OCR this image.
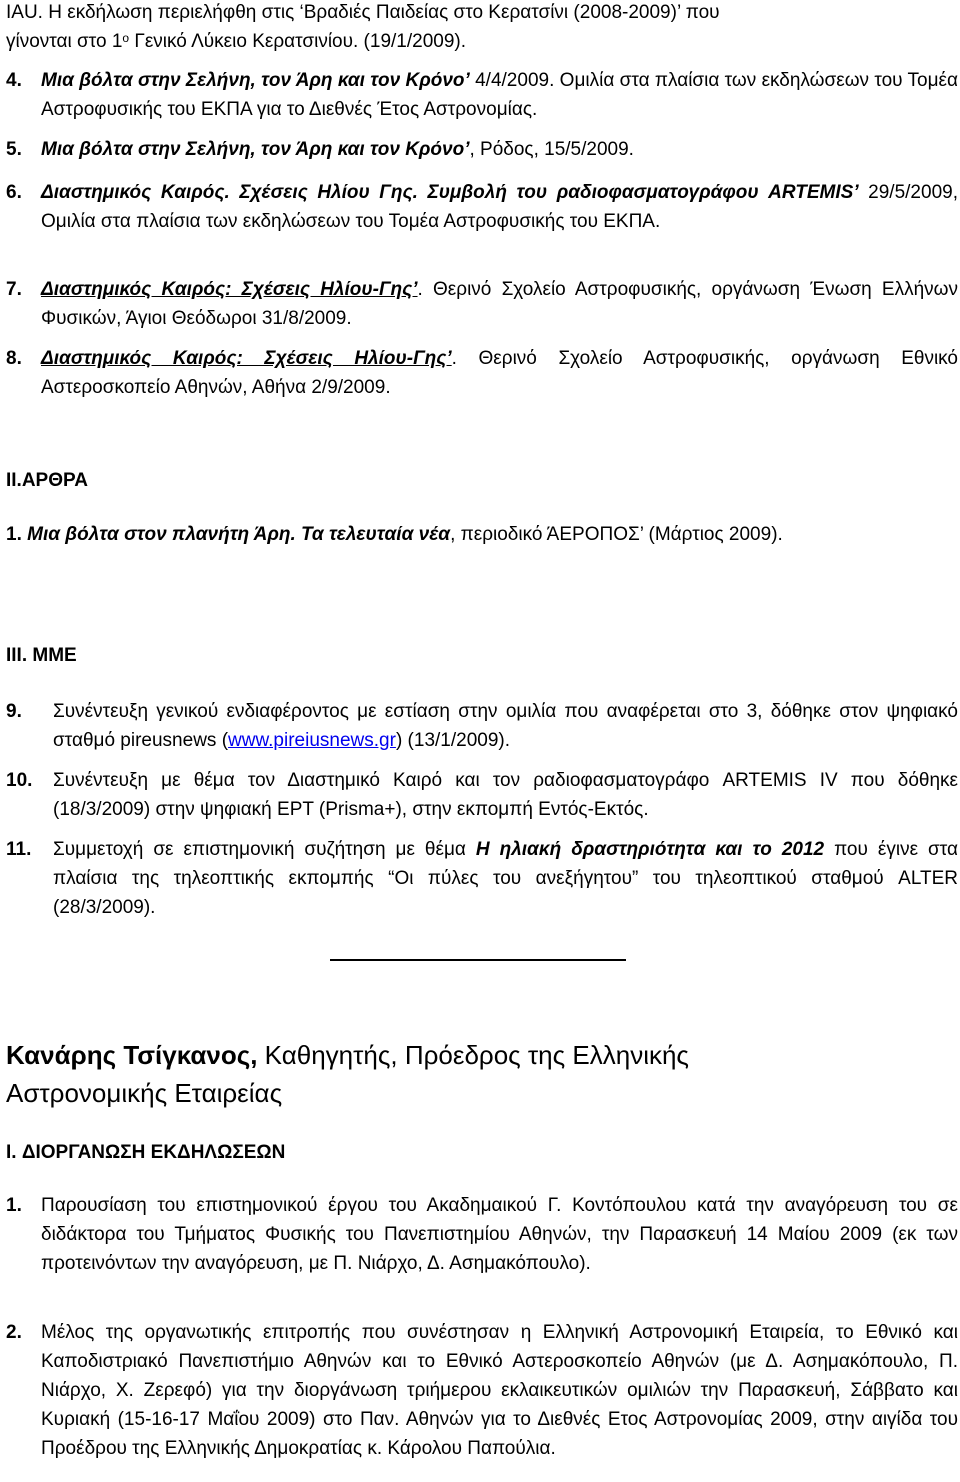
IAU. Η εκδήλωση περιελήφθη στις ‘Βραδιές Παιδείας στο Κερατσίνι (2008-2009)’ που
γίνονται στο $1^o$ Γενικό Λύκειο Κερατσινίου. (19/1/2009).
4. Μια βόλτα στην Σελήνη, τον Άρη και τον Κρόνο’ 4/4/2009. Ομιλία στα πλαίσια των εκδηλώσεων του Τομέα Αστροφυσικής του ΕΚΠΑ για το Διεθνές Έτος Αστρονομίας.

5. Μια βόλτα στην Σελήνη, τον Άρη και τον Κρόνο’, Ρόδος, 15/5/2009.

6. Διαστημικός Καιρός. Σχέσεις Ηλίου Γης. Συμβολή του ραδιοφασματογράφου ARTEMIS’ 29/5/2009, Ομιλία στα πλαίσια των εκδηλώσεων του Τομέα Αστροφυσικής του ΕΚΠΑ.

7. Διαστημικός Καιρός: Σχέσεις Ηλίου-Γης’. Θερινό Σχολείο Αστροφυσικής, οργάνωση Ένωση Ελλήνων Φυσικών, Άγιοι Θεόδωροι 31/8/2009.

8. Διαστημικός Καιρός: Σχέσεις Ηλίου-Γης’. Θερινό Σχολείο Αστροφυσικής, οργάνωση Εθνικό Αστεροσκοπείο Αθηνών, Αθήνα 2/9/2009.

II.ΑΡΘΡΑ

1. Μια βόλτα στον πλανήτη Άρη. Τα τελευταία νέα, περιοδικό ΆΕΡΟΠΟΣ’ (Μάρτιος 2009).

III. ΜΜΕ
9. Συνέντευξη γενικού ενδιαφέροντος με εστίαση στην ομιλία που αναφέρεται στο 3, δόθηκε στον ψηφιακό σταθμό pireusnews (www.pireiusnews.gr) (13/1/2009).

10. Συνέντευξη με θέμα τον Διαστημικό Καιρό και τον ραδιοφασματογράφο ARTEMIS IV που δόθηκε (18/3/2009) στην ψηφιακή ΕΡΤ (Prisma+), στην εκπομπή Εντός-Εκτός.

11. Συμμετοχή σε επιστημονική συζήτηση με θέμα Η ηλιακή δραστηριότητα και το 2012 που έγινε στα πλαίσια της τηλεοπτικής εκπομπής “Οι πύλες του ανεξήγητου” του τηλεοπτικού σταθμού ALTER (28/3/2009).

Κανάρης Τσίγκανος, Καθηγητής, Πρόεδρος της Ελληνικής
Αστρονομικής Εταιρείας
I. ΔΙΟΡΓΑΝΩΣΗ ΕΚΔΗΛΩΣΕΩΝ
1. Παρουσίαση του επιστημονικού έργου του Ακαδημαικού Γ. Κοντόπουλου κατά την αναγόρευση του σε διδάκτορα του Τμήματος Φυσικής του Πανεπιστημίου Αθηνών, την Παρασκευή 14 Μαίου 2009 (εκ των προτεινόντων την αναγόρευση, με Π. Νιάρχο, Δ. Ασημακόπουλο).

2. Μέλος της οργανωτικής επιτροπής που συνέστησαν η Ελληνική Αστρονομική Εταιρεία, το Εθνικό και Καποδιστριακό Πανεπιστήμιο Αθηνών και το Εθνικό Αστεροσκοπείο Αθηνών (με Δ. Ασημακόπουλο, Π. Νιάρχο, Χ. Ζερεφό) για την διοργάνωση τριήμερου εκλαικευτικών ομιλιών την Παρασκευή, Σάββατο και Κυριακή (15-16-17 Μαΐου 2009) στο Παν. Αθηνών για το Διεθνές Ετος Αστρονομίας 2009, στην αιγίδα του Προέδρου της Ελληνικής Δημοκρατίας κ. Κάρολου Παπούλια.
